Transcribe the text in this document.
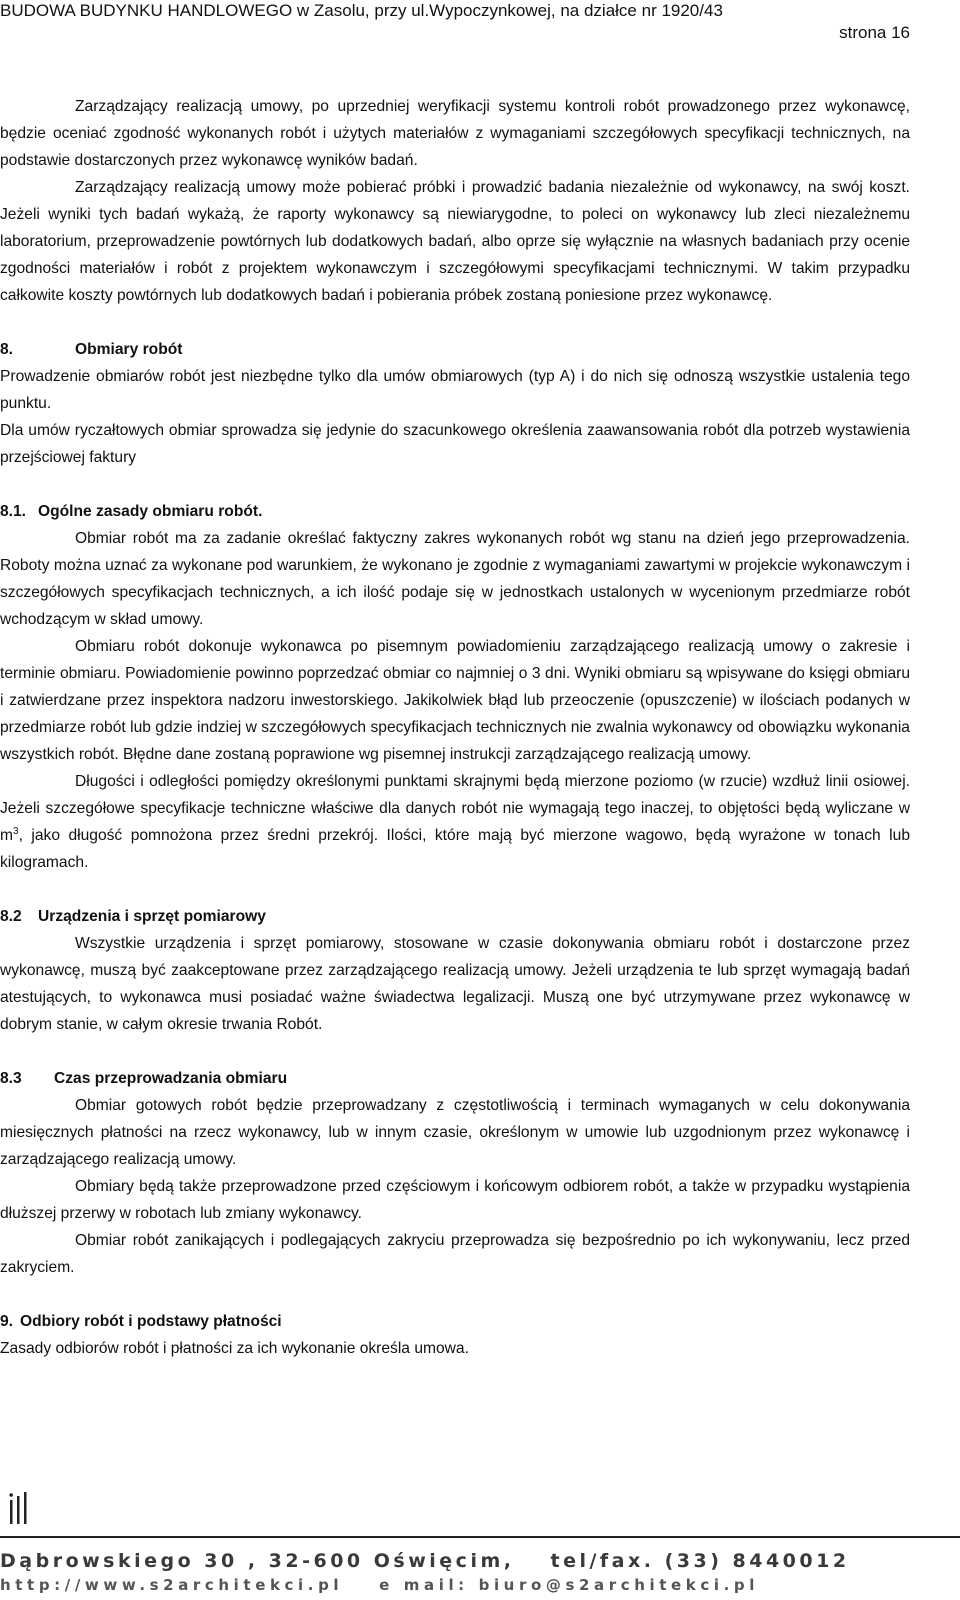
BUDOWA BUDYNKU HANDLOWEGO w Zasolu, przy ul.Wypoczynkowej, na działce nr 1920/43
strona 16

Zarządzający realizacją umowy, po uprzedniej weryfikacji systemu kontroli robót prowadzonego przez wykonawcę, będzie oceniać zgodność wykonanych robót i użytych materiałów z wymaganiami szczegółowych specyfikacji technicznych, na podstawie dostarczonych przez wykonawcę wyników badań.

Zarządzający realizacją umowy może pobierać próbki i prowadzić badania niezależnie od wykonawcy, na swój koszt. Jeżeli wyniki tych badań wykażą, że raporty wykonawcy są niewiarygodne, to poleci on wykonawcy lub zleci niezależnemu laboratorium, przeprowadzenie powtórnych lub dodatkowych badań, albo oprze się wyłącznie na własnych badaniach przy ocenie zgodności materiałów i robót z projektem wykonawczym i szczegółowymi specyfikacjami technicznymi. W takim przypadku całkowite koszty powtórnych lub dodatkowych badań i pobierania próbek zostaną poniesione przez wykonawcę.

8.	Obmiary robót

Prowadzenie obmiarów robót jest niezbędne tylko dla umów obmiarowych (typ A) i do nich się odnoszą wszystkie ustalenia tego punktu.

Dla umów ryczałtowych obmiar sprowadza się jedynie do szacunkowego określenia zaawansowania robót dla potrzeb wystawienia przejściowej faktury

8.1. Ogólne zasady obmiaru robót.

Obmiar robót ma za zadanie określać faktyczny zakres wykonanych robót wg stanu na dzień jego przeprowadzenia. Roboty można uznać za wykonane pod warunkiem, że wykonano je zgodnie z wymaganiami zawartymi w projekcie wykonawczym i szczegółowych specyfikacjach technicznych, a ich ilość podaje się w jednostkach ustalonych w wycenionym przedmiarze robót wchodzącym w skład umowy.

Obmiaru robót dokonuje wykonawca po pisemnym powiadomieniu zarządzającego realizacją umowy o zakresie i terminie obmiaru. Powiadomienie powinno poprzedzać obmiar co najmniej o 3 dni. Wyniki obmiaru są wpisywane do księgi obmiaru i zatwierdzane przez inspektora nadzoru inwestorskiego. Jakikolwiek błąd lub przeoczenie (opuszczenie) w ilościach podanych w przedmiarze robót lub gdzie indziej w szczegółowych specyfikacjach technicznych nie zwalnia wykonawcy od obowiązku wykonania wszystkich robót. Błędne dane zostaną poprawione wg pisemnej instrukcji zarządzającego realizacją umowy.

Długości i odległości pomiędzy określonymi punktami skrajnymi będą mierzone poziomo (w rzucie) wzdłuż linii osiowej. Jeżeli szczegółowe specyfikacje techniczne właściwe dla danych robót nie wymagają tego inaczej, to objętości będą wyliczane w $m^3$, jako długość pomnożona przez średni przekrój. Ilości, które mają być mierzone wagowo, będą wyrażone w tonach lub kilogramach.

8.2 Urządzenia i sprzęt pomiarowy

Wszystkie urządzenia i sprzęt pomiarowy, stosowane w czasie dokonywania obmiaru robót i dostarczone przez wykonawcę, muszą być zaakceptowane przez zarządzającego realizacją umowy. Jeżeli urządzenia te lub sprzęt wymagają badań atestujących, to wykonawca musi posiadać ważne świadectwa legalizacji. Muszą one być utrzymywane przez wykonawcę w dobrym stanie, w całym okresie trwania Robót.

8.3 Czas przeprowadzania obmiaru

Obmiar gotowych robót będzie przeprowadzany z częstotliwością i terminach wymaganych w celu dokonywania miesięcznych płatności na rzecz wykonawcy, lub w innym czasie, określonym w umowie lub uzgodnionym przez wykonawcę i zarządzającego realizacją umowy.

Obmiary będą także przeprowadzone przed częściowym i końcowym odbiorem robót, a także w przypadku wystąpienia dłuższej przerwy w robotach lub zmiany wykonawcy.

Obmiar robót zanikających i podlegających zakryciu przeprowadza się bezpośrednio po ich wykonywaniu, lecz przed zakryciem.

9. Odbiory robót i podstawy płatności

Zasady odbiorów robót i płatności za ich wykonanie określa umowa.

Dąbrowskiego 30 , 32-600 Oświęcim, tel/fax. (33) 8440012
http://www.s2architekci.pl e mail: biuro@s2architekci.pl
